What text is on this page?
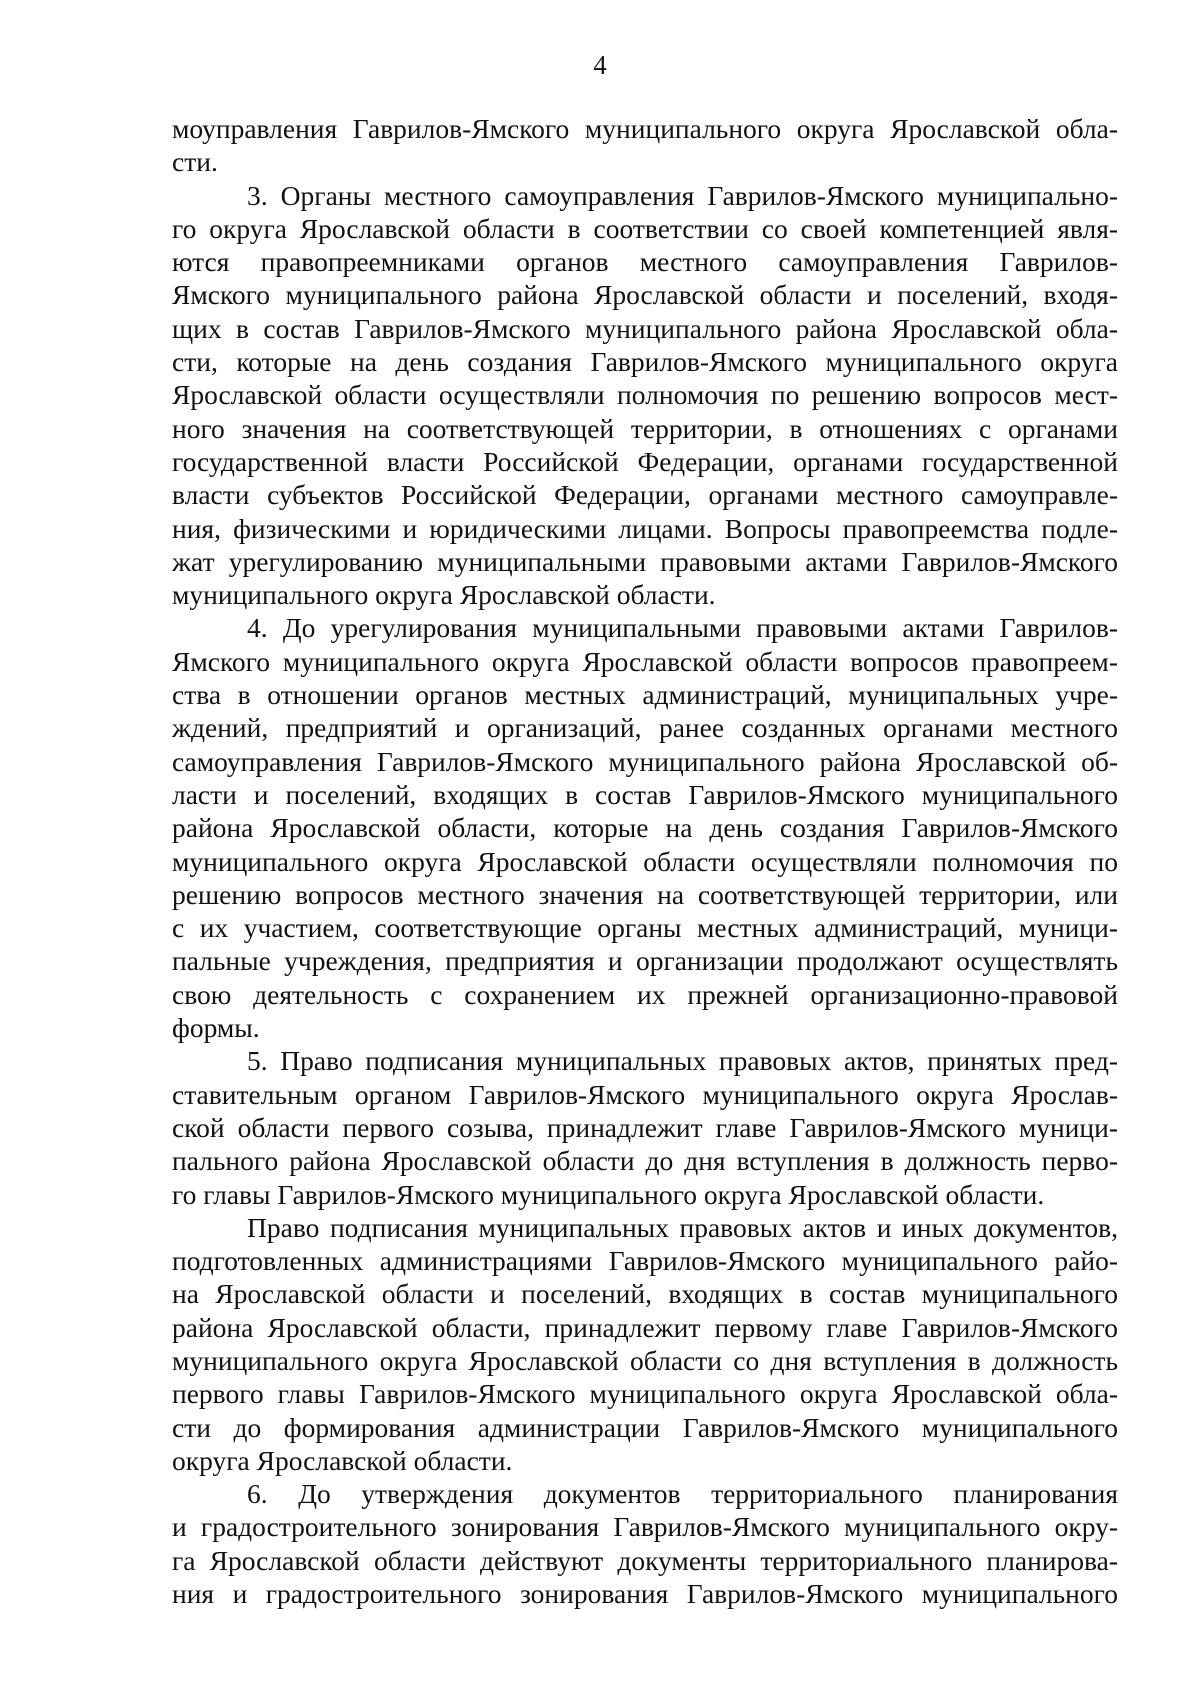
4
моуправления Гаврилов-Ямского муниципального округа Ярославской обла-
сти.
3. Органы местного самоуправления Гаврилов-Ямского муниципально-
го округа Ярославской области в соответствии со своей компетенцией явля-
ются правопреемниками органов местного самоуправления Гаврилов-
Ямского муниципального района Ярославской области и поселений, входя-
щих в состав Гаврилов-Ямского муниципального района Ярославской обла-
сти, которые на день создания Гаврилов-Ямского муниципального округа
Ярославской области осуществляли полномочия по решению вопросов мест-
ного значения на соответствующей территории, в отношениях с органами
государственной власти Российской Федерации, органами государственной
власти субъектов Российской Федерации, органами местного самоуправле-
ния, физическими и юридическими лицами. Вопросы правопреемства подле-
жат урегулированию муниципальными правовыми актами Гаврилов-Ямского
муниципального округа Ярославской области.
4. До урегулирования муниципальными правовыми актами Гаврилов-
Ямского муниципального округа Ярославской области вопросов правопреем-
ства в отношении органов местных администраций, муниципальных учре-
ждений, предприятий и организаций, ранее созданных органами местного
самоуправления Гаврилов-Ямского муниципального района Ярославской об-
ласти и поселений, входящих в состав Гаврилов-Ямского муниципального
района Ярославской области, которые на день создания Гаврилов-Ямского
муниципального округа Ярославской области осуществляли полномочия по
решению вопросов местного значения на соответствующей территории, или
с их участием, соответствующие органы местных администраций, муници-
пальные учреждения, предприятия и организации продолжают осуществлять
свою деятельность с сохранением их прежней организационно-правовой
формы.
5. Право подписания муниципальных правовых актов, принятых пред-
ставительным органом Гаврилов-Ямского муниципального округа Ярослав-
ской области первого созыва, принадлежит главе Гаврилов-Ямского муници-
пального района Ярославской области до дня вступления в должность перво-
го главы Гаврилов-Ямского муниципального округа Ярославской области.
Право подписания муниципальных правовых актов и иных документов,
подготовленных администрациями Гаврилов-Ямского муниципального райо-
на Ярославской области и поселений, входящих в состав муниципального
района Ярославской области, принадлежит первому главе Гаврилов-Ямского
муниципального округа Ярославской области со дня вступления в должность
первого главы Гаврилов-Ямского муниципального округа Ярославской обла-
сти до формирования администрации Гаврилов-Ямского муниципального
округа Ярославской области.
6. До утверждения документов территориального планирования
и градостроительного зонирования Гаврилов-Ямского муниципального окру-
га Ярославской области действуют документы территориального планирова-
ния и градостроительного зонирования Гаврилов-Ямского муниципального
